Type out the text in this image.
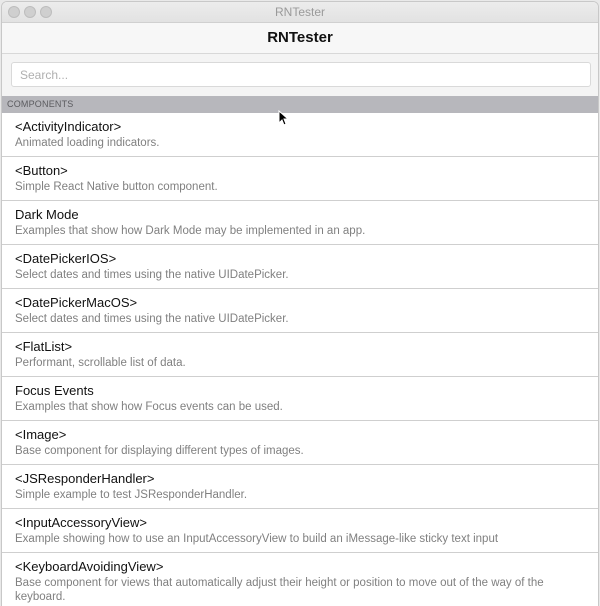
RNTester
RNTester
Search...
COMPONENTS
<ActivityIndicator>
Animated loading indicators.
<Button>
Simple React Native button component.
Dark Mode
Examples that show how Dark Mode may be implemented in an app.
<DatePickerIOS>
Select dates and times using the native UIDatePicker.
<DatePickerMacOS>
Select dates and times using the native UIDatePicker.
<FlatList>
Performant, scrollable list of data.
Focus Events
Examples that show how Focus events can be used.
<Image>
Base component for displaying different types of images.
<JSResponderHandler>
Simple example to test JSResponderHandler.
<InputAccessoryView>
Example showing how to use an InputAccessoryView to build an iMessage-like sticky text input
<KeyboardAvoidingView>
Base component for views that automatically adjust their height or position to move out of the way of the keyboard.
